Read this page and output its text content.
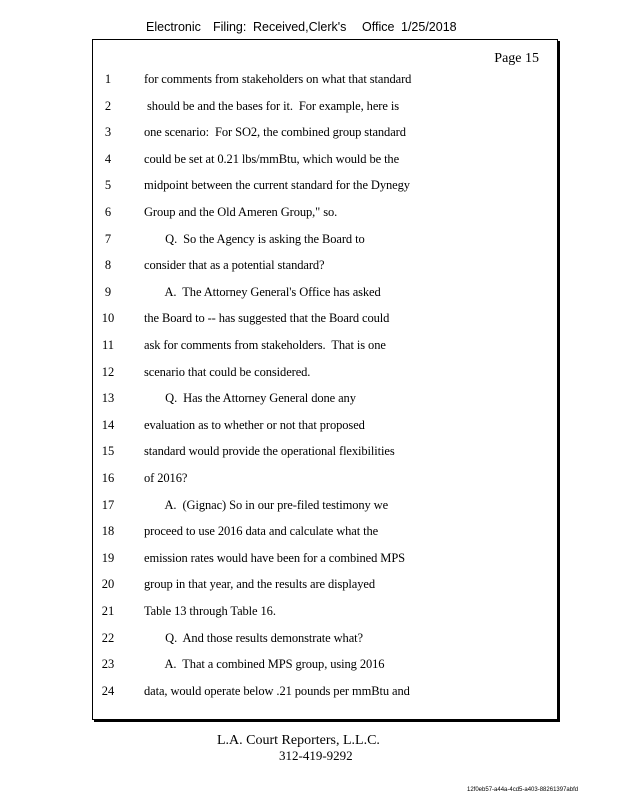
Electronic Filing: Received,Clerk's Office 1/25/2018
Page 15
1	for comments from stakeholders on what that standard
2	should be and the bases for it.  For example, here is
3	one scenario:  For SO2, the combined group standard
4	could be set at 0.21 lbs/mmBtu, which would be the
5	midpoint between the current standard for the Dynegy
6	Group and the Old Ameren Group," so.
7	Q.  So the Agency is asking the Board to
8	consider that as a potential standard?
9	A.  The Attorney General's Office has asked
10	the Board to -- has suggested that the Board could
11	ask for comments from stakeholders.  That is one
12	scenario that could be considered.
13	Q.  Has the Attorney General done any
14	evaluation as to whether or not that proposed
15	standard would provide the operational flexibilities
16	of 2016?
17	A.  (Gignac) So in our pre-filed testimony we
18	proceed to use 2016 data and calculate what the
19	emission rates would have been for a combined MPS
20	group in that year, and the results are displayed
21	Table 13 through Table 16.
22	Q.  And those results demonstrate what?
23	A.  That a combined MPS group, using 2016
24	data, would operate below .21 pounds per mmBtu and
L.A. Court Reporters, L.L.C.
312-419-9292
12f0eb57-a44a-4cd5-a403-88261397abfd
